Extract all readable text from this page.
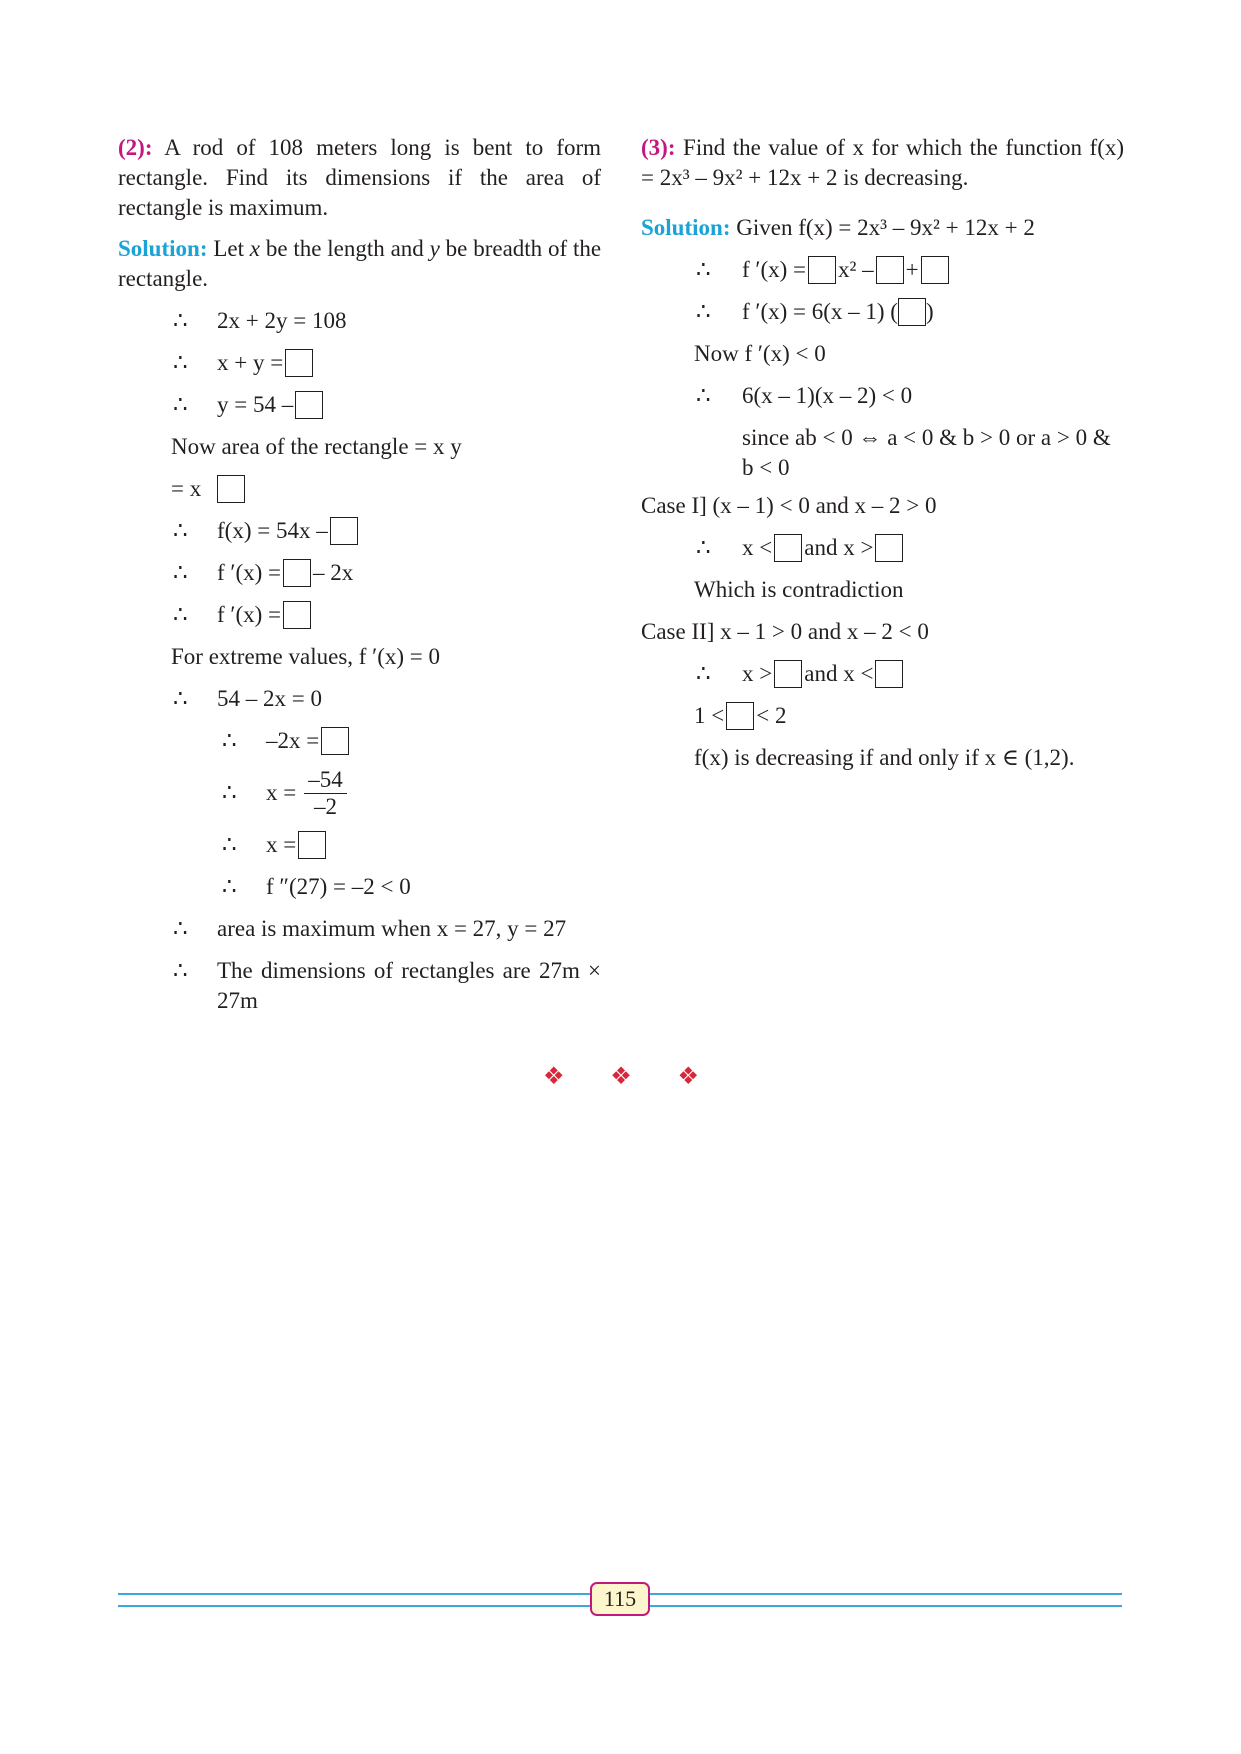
(2): A rod of 108 meters long is bent to form rectangle. Find its dimensions if the area of rectangle is maximum.

Solution: Let x be the length and y be breadth of the rectangle.

∴	2x + 2y = 108
∴	x + y =
∴	y = 54 –
Now area of the rectangle = x y
= x
∴	f(x) = 54x –
∴	f ′(x) = – 2x
∴	f ′(x) =
For extreme values, f ′(x) = 0
∴	54 – 2x = 0
∴	–2x =
∴	$x = \frac{-54}{-2}$
∴	x =
∴	f ″(27) = –2 < 0
∴	area is maximum when x = 27, y = 27
∴	The dimensions of rectangles are 27m × 27m

(3): Find the value of x for which the function f(x) = 2x³ – 9x² + 12x + 2 is decreasing.

Solution: Given f(x) = 2x³ – 9x² + 12x + 2

∴	f ′(x) = x² – +
∴	f ′(x) = 6(x – 1) ( )
Now f ′(x) < 0
∴	6(x – 1)(x – 2) < 0
since ab < 0 ⇔ a < 0 & b > 0 or a > 0 & b < 0
Case I] (x – 1) < 0 and x – 2 > 0
∴	x < and x >
Which is contradiction
Case II] x – 1 > 0 and x – 2 < 0
∴	x > and x <
1 < < 2
f(x) is decreasing if and only if x ∈ (1,2).
❖ ❖ ❖
115
